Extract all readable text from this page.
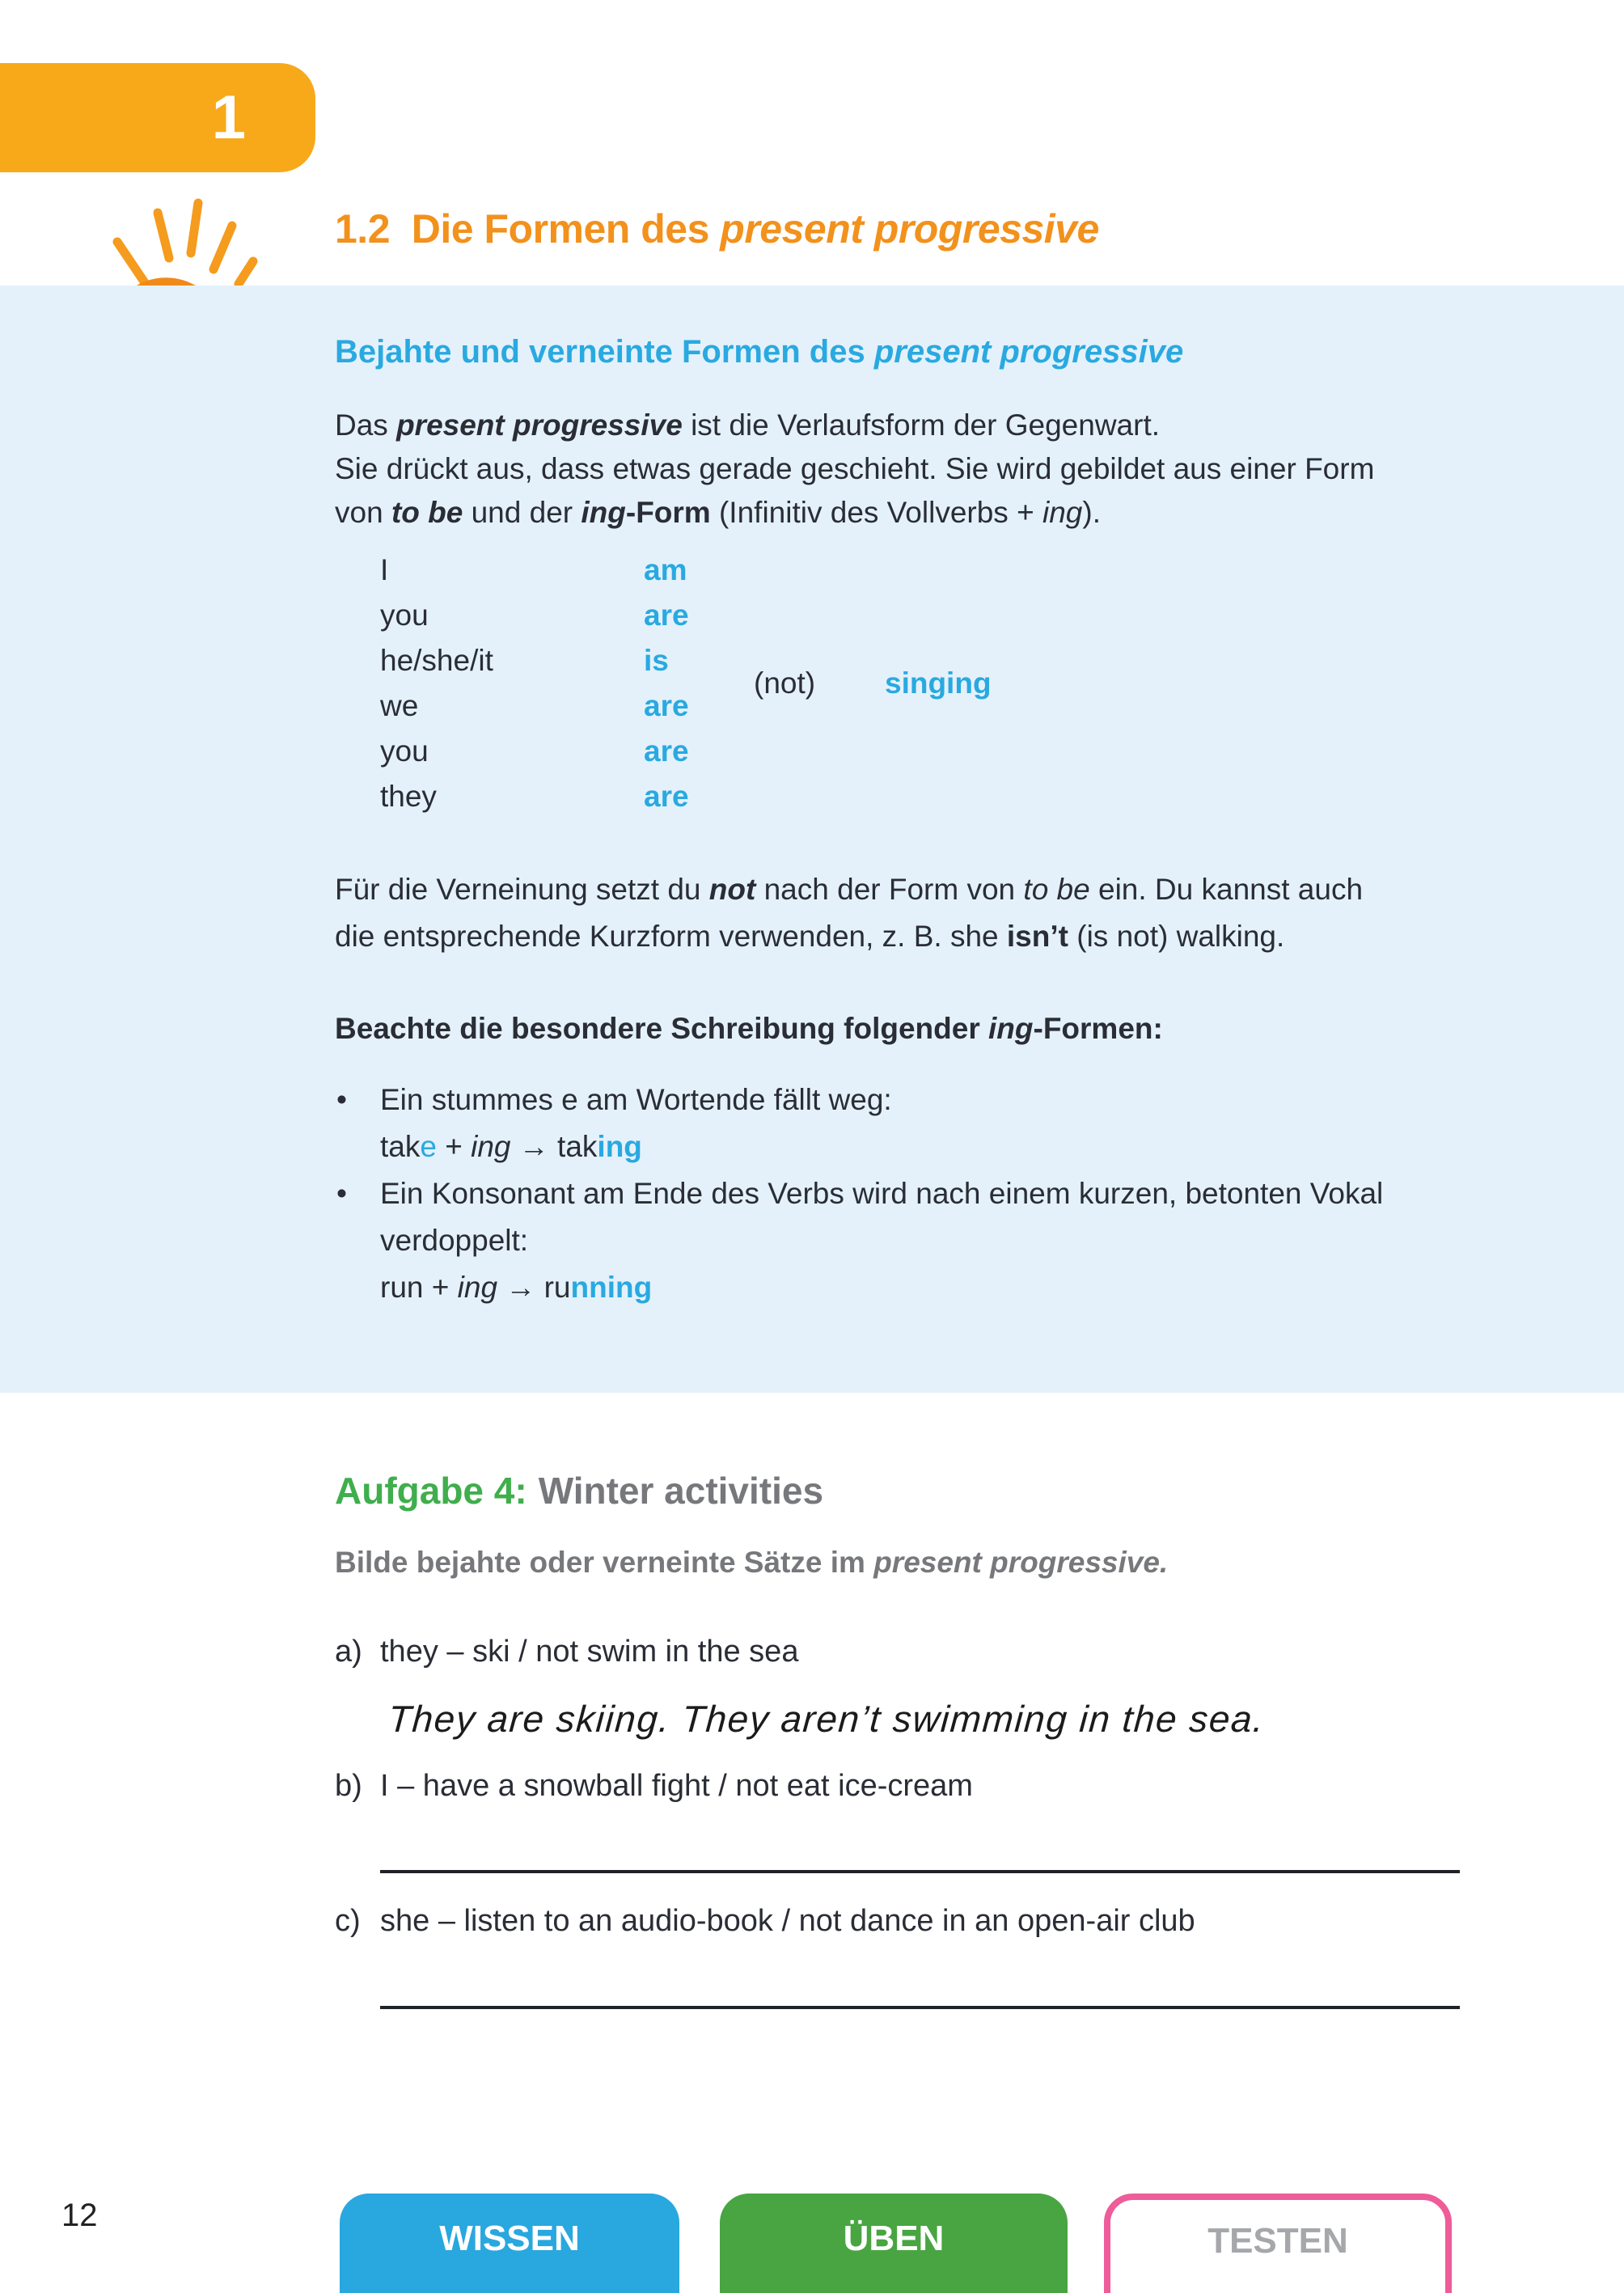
1
1.2  Die Formen des present progressive
Bejahte und verneinte Formen des present progressive
Das present progressive ist die Verlaufsform der Gegenwart.
Sie drückt aus, dass etwas gerade geschieht. Sie wird gebildet aus einer Form
von to be und der ing-Form (Infinitiv des Vollverbs + ing).
I	am
you	are
he/she/it	is
we	are
you	are
they	are
(not) singing
Für die Verneinung setzt du not nach der Form von to be ein. Du kannst auch
die entsprechende Kurzform verwenden, z. B. she isn’t (is not) walking.
Beachte die besondere Schreibung folgender ing-Formen:
• Ein stummes e am Wortende fällt weg:
take + ing → taking
• Ein Konsonant am Ende des Verbs wird nach einem kurzen, betonten Vokal
verdoppelt:
run + ing → running
Aufgabe 4: Winter activities
Bilde bejahte oder verneinte Sätze im present progressive.
a) they – ski / not swim in the sea
They are skiing. They aren’t swimming in the sea.
b) I – have a snowball fight / not eat ice-cream
c) she – listen to an audio-book / not dance in an open-air club
12
WISSEN	ÜBEN	TESTEN
